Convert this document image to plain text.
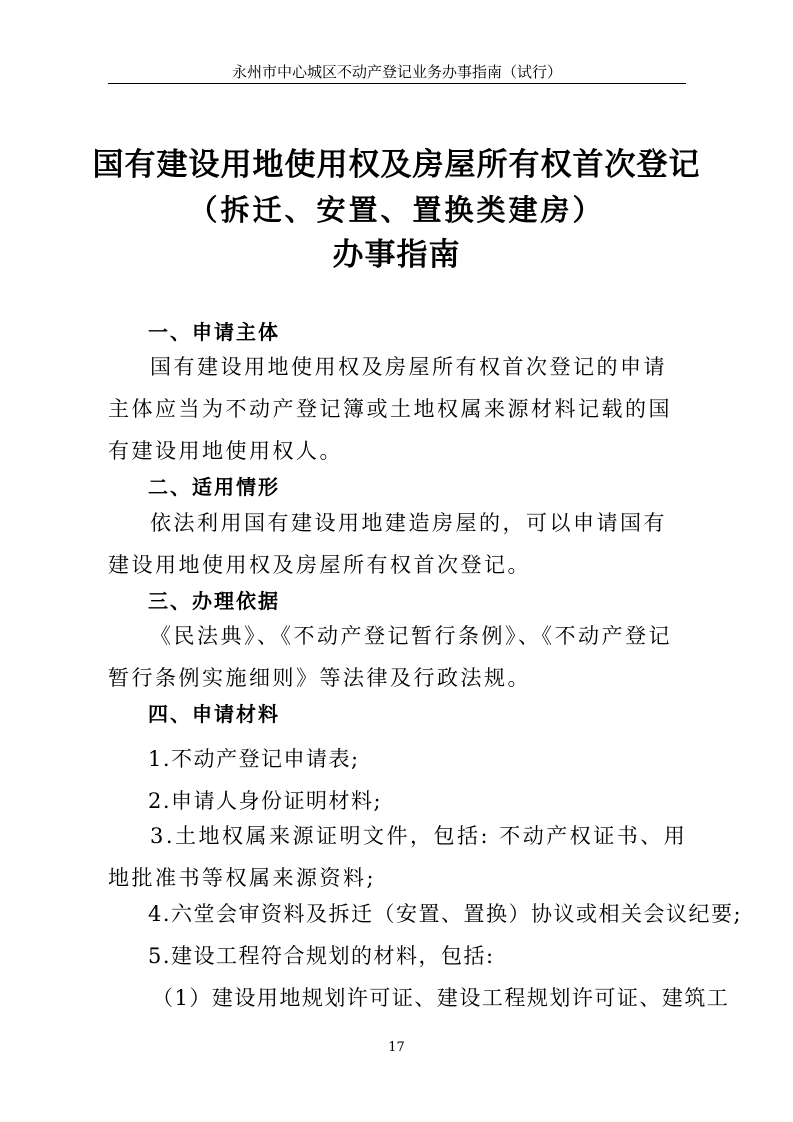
永州市中心城区不动产登记业务办事指南（试行）
国有建设用地使用权及房屋所有权首次登记
（拆迁、安置、置换类建房）
办事指南
一、申请主体
国有建设用地使用权及房屋所有权首次登记的申请主体应当为不动产登记簿或土地权属来源材料记载的国有建设用地使用权人。
二、适用情形
依法利用国有建设用地建造房屋的，可以申请国有建设用地使用权及房屋所有权首次登记。
三、办理依据
《民法典》、《不动产登记暂行条例》、《不动产登记暂行条例实施细则》等法律及行政法规。
四、申请材料
1.不动产登记申请表;
2.申请人身份证明材料;
3.土地权属来源证明文件，包括: 不动产权证书、用地批准书等权属来源资料;
4.六堂会审资料及拆迁（安置、置换）协议或相关会议纪要;
5.建设工程符合规划的材料，包括:
（1）建设用地规划许可证、建设工程规划许可证、建筑工
17
